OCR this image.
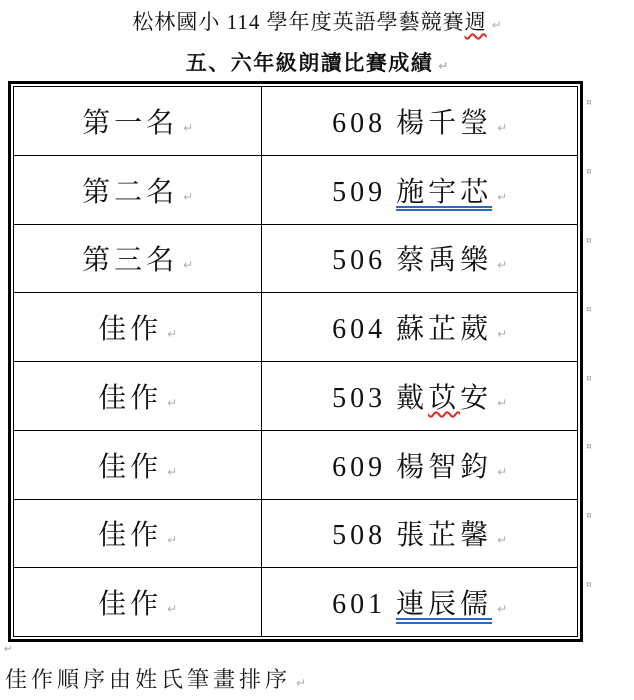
松林國小 114 學年度英語學藝競賽週 ↵
五、六年級朗讀比賽成績 ↵
第一名 ↵	608 楊千瑩 ↵
第二名 ↵	509 施宇芯 ↵
第三名 ↵	506 蔡禹樂 ↵
佳作 ↵	604 蘇芷葳 ↵
佳作 ↵	503 戴苡安 ↵
佳作 ↵	609 楊智鈞 ↵
佳作 ↵	508 張芷馨 ↵
佳作 ↵	601 連辰儒 ↵
¤
¤
¤
¤
¤
¤
¤
¤
↵
佳作順序由姓氏筆畫排序 ↵
